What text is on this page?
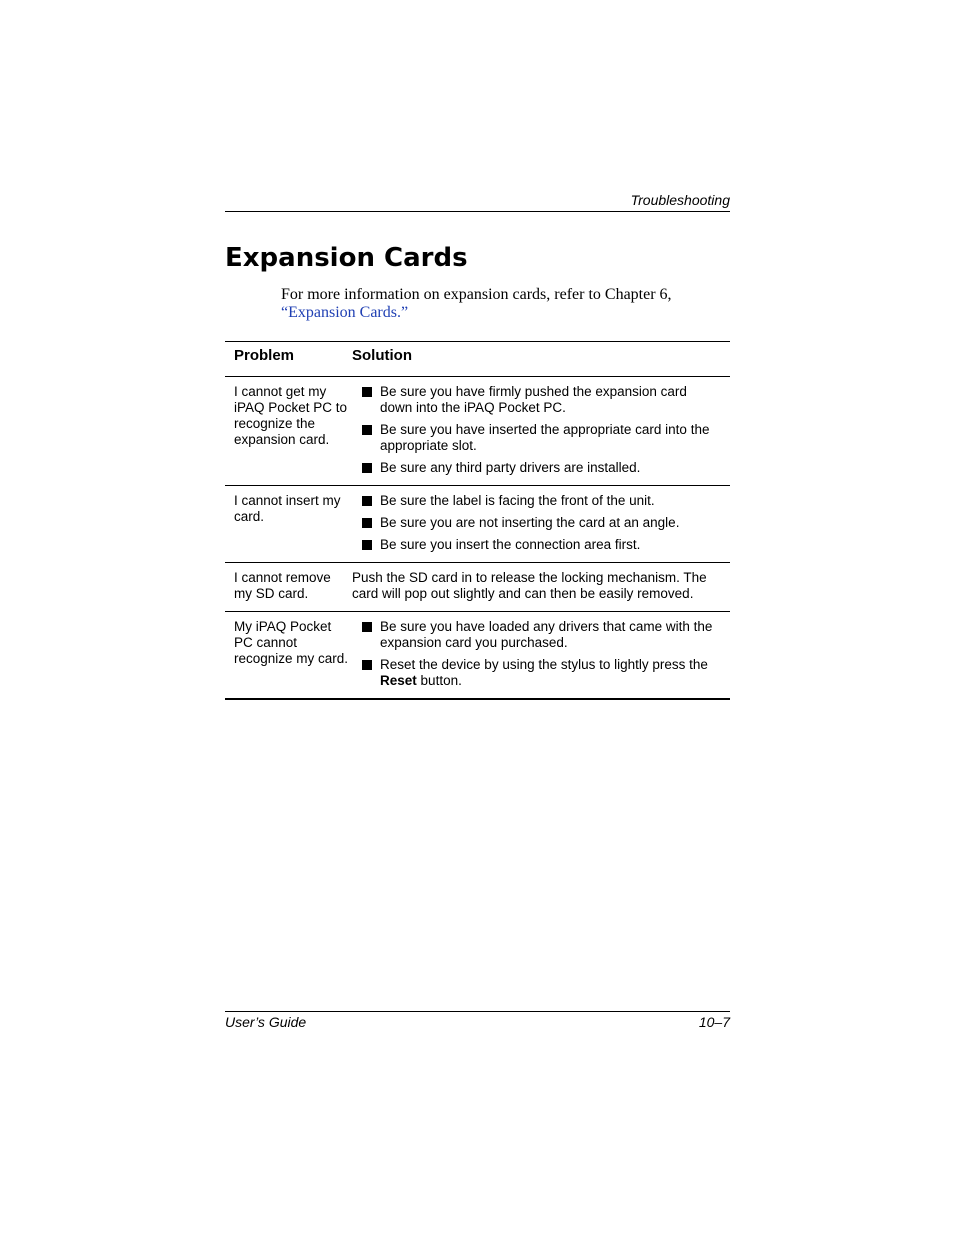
Troubleshooting
Expansion Cards
For more information on expansion cards, refer to Chapter 6,
“Expansion Cards.”
Problem	Solution
I cannot get my iPAQ Pocket PC to recognize the expansion card.
Be sure you have firmly pushed the expansion card down into the iPAQ Pocket PC.
Be sure you have inserted the appropriate card into the appropriate slot.
Be sure any third party drivers are installed.
I cannot insert my card.
Be sure the label is facing the front of the unit.
Be sure you are not inserting the card at an angle.
Be sure you insert the connection area first.
I cannot remove my SD card.
Push the SD card in to release the locking mechanism. The card will pop out slightly and can then be easily removed.
My iPAQ Pocket PC cannot recognize my card.
Be sure you have loaded any drivers that came with the expansion card you purchased.
Reset the device by using the stylus to lightly press the Reset button.
User’s Guide	10–7
